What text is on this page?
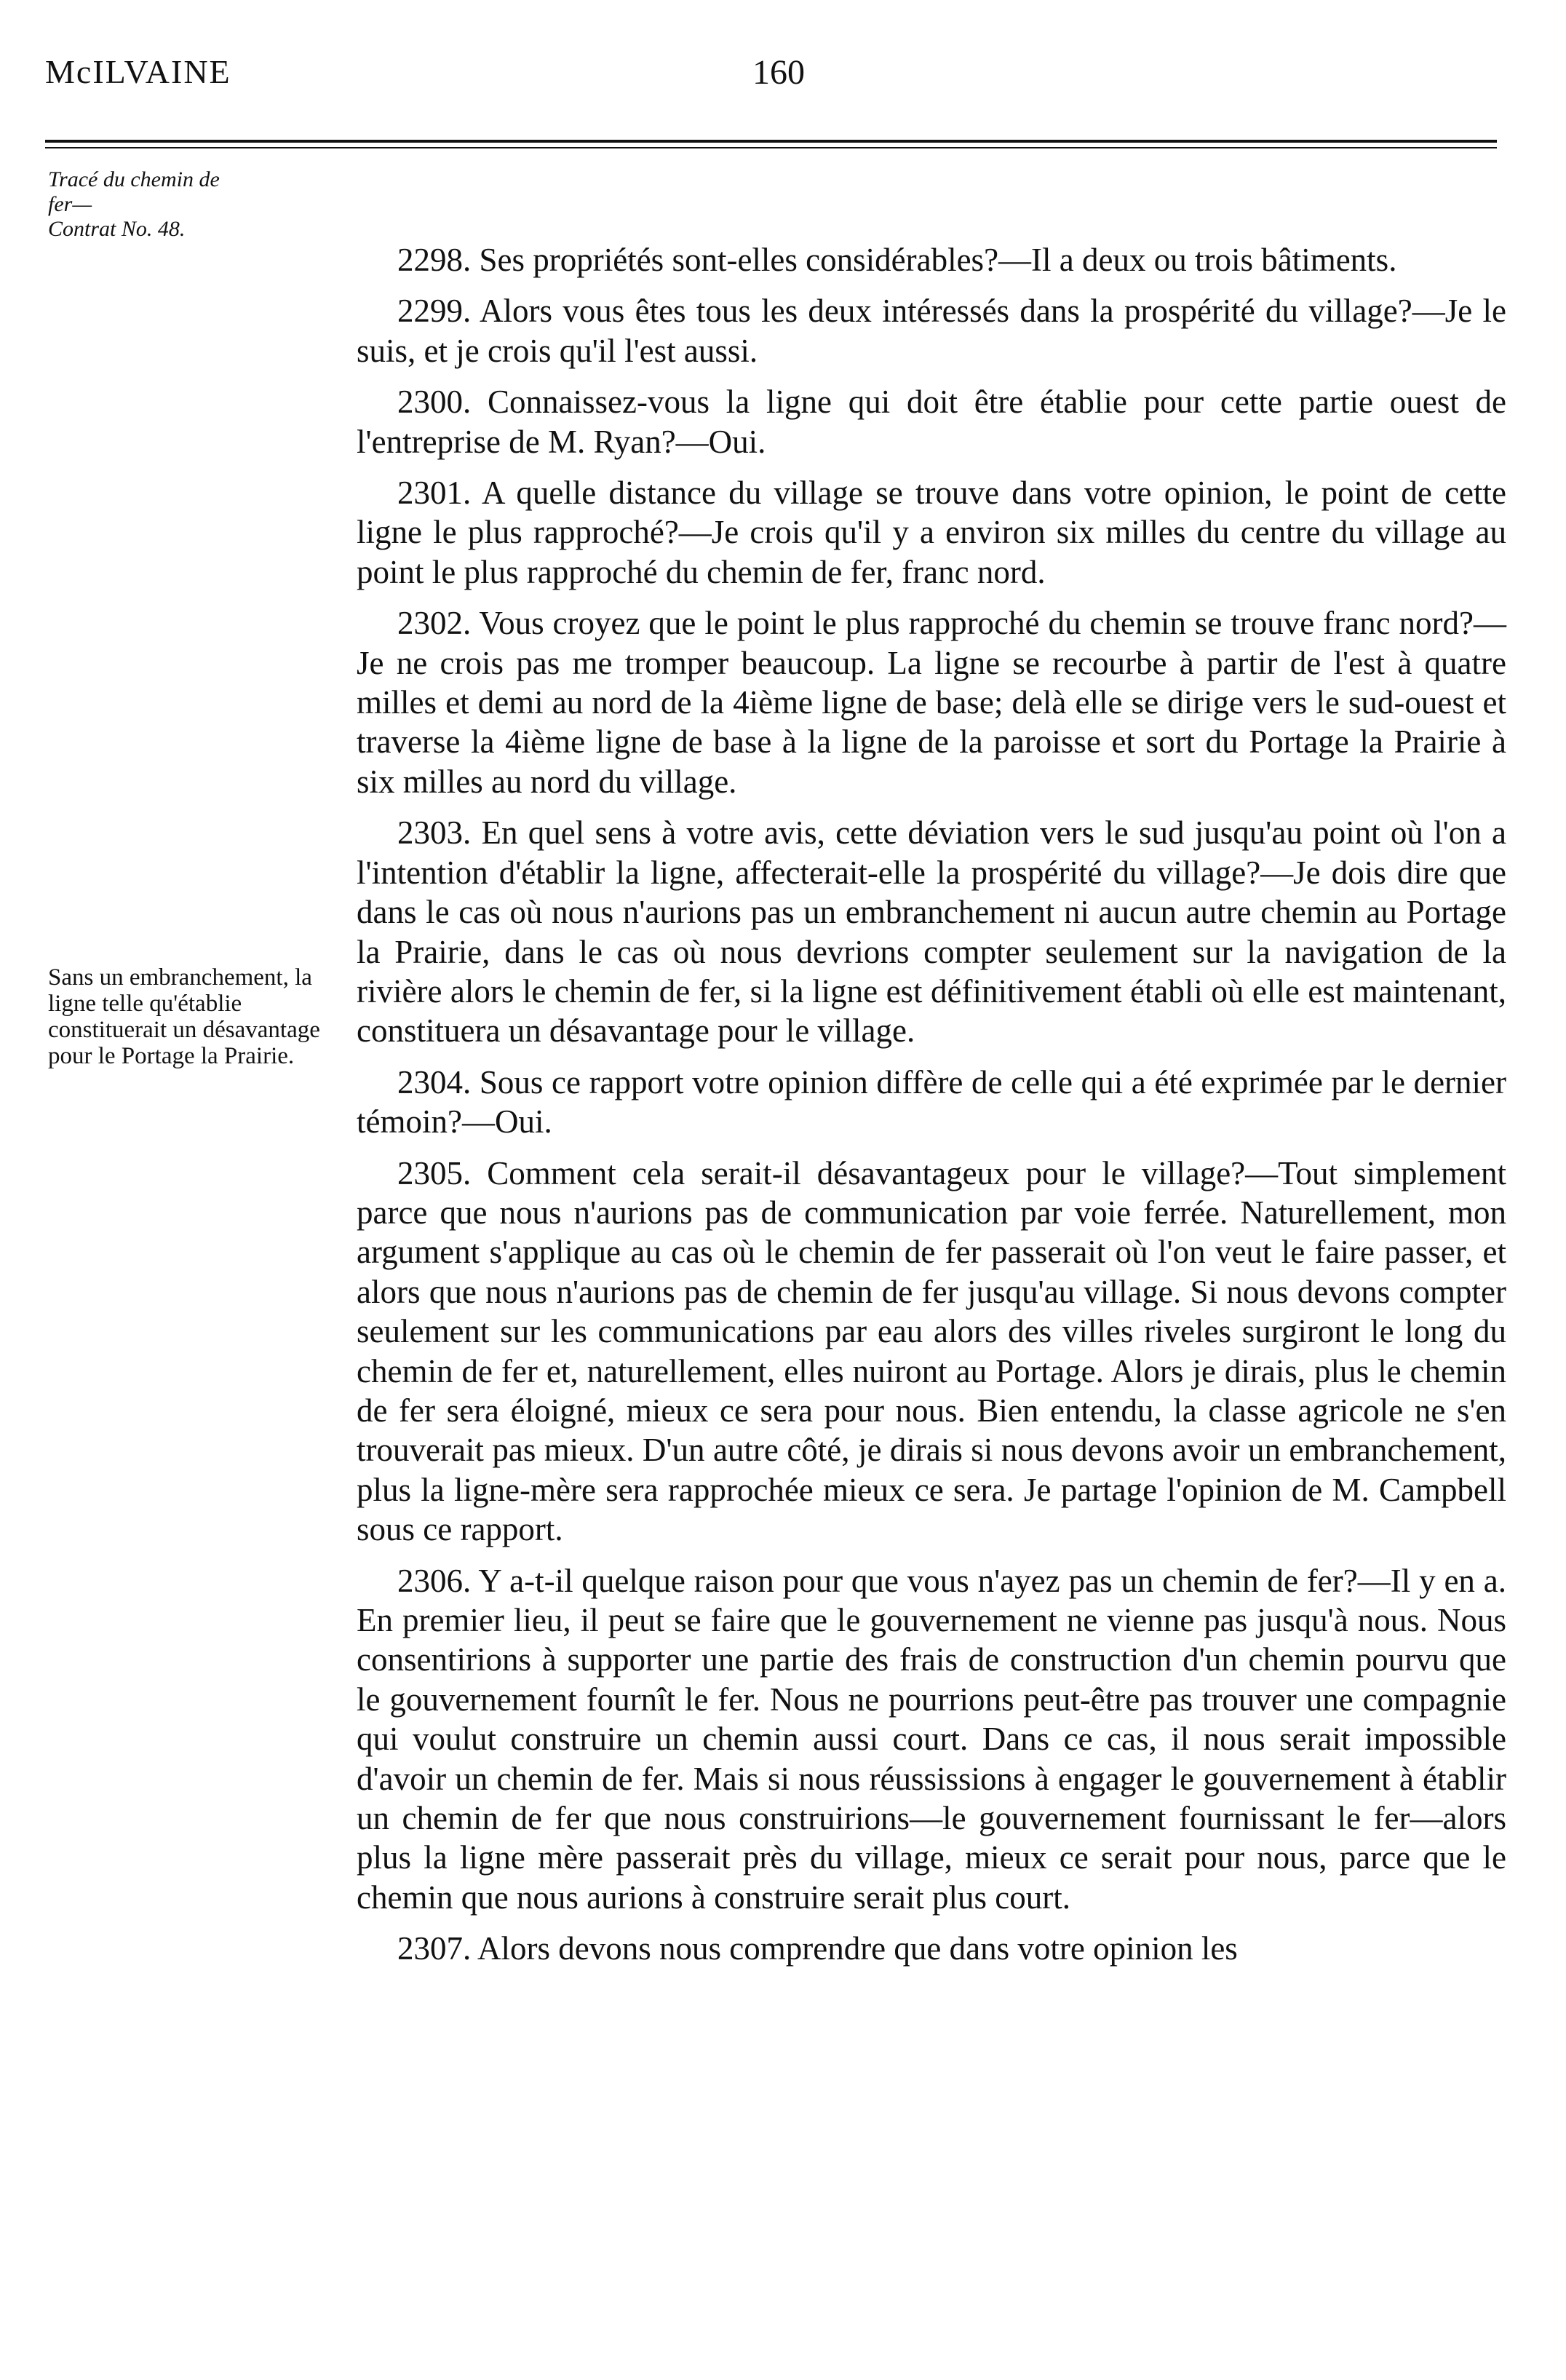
McILVAINE	160
Tracé du chemin de
fer—
Contrat No. 48.
Sans un embranchement, la ligne telle qu'établie constituerait un désavantage pour le Portage la Prairie.

2298. Ses propriétés sont-elles considérables?—Il a deux ou trois bâtiments.

2299. Alors vous êtes tous les deux intéressés dans la prospérité du village?—Je le suis, et je crois qu'il l'est aussi.

2300. Connaissez-vous la ligne qui doit être établie pour cette partie ouest de l'entreprise de M. Ryan?—Oui.

2301. A quelle distance du village se trouve dans votre opinion, le point de cette ligne le plus rapproché?—Je crois qu'il y a environ six milles du centre du village au point le plus rapproché du chemin de fer, franc nord.

2302. Vous croyez que le point le plus rapproché du chemin se trouve franc nord?—Je ne crois pas me tromper beaucoup. La ligne se recourbe à partir de l'est à quatre milles et demi au nord de la 4ième ligne de base; delà elle se dirige vers le sud-ouest et traverse la 4ième ligne de base à la ligne de la paroisse et sort du Portage la Prairie à six milles au nord du village.

2303. En quel sens à votre avis, cette déviation vers le sud jusqu'au point où l'on a l'intention d'établir la ligne, affecterait-elle la prospérité du village?—Je dois dire que dans le cas où nous n'aurions pas un embranchement ni aucun autre chemin au Portage la Prairie, dans le cas où nous devrions compter seulement sur la navigation de la rivière alors le chemin de fer, si la ligne est définitivement établi où elle est maintenant, constituera un désavantage pour le village.

2304. Sous ce rapport votre opinion diffère de celle qui a été exprimée par le dernier témoin?—Oui.

2305. Comment cela serait-il désavantageux pour le village?—Tout simplement parce que nous n'aurions pas de communication par voie ferrée. Naturellement, mon argument s'applique au cas où le chemin de fer passerait où l'on veut le faire passer, et alors que nous n'aurions pas de chemin de fer jusqu'au village. Si nous devons compter seulement sur les communications par eau alors des villes riveles surgiront le long du chemin de fer et, naturellement, elles nuiront au Portage. Alors je dirais, plus le chemin de fer sera éloigné, mieux ce sera pour nous. Bien entendu, la classe agricole ne s'en trouverait pas mieux. D'un autre côté, je dirais si nous devons avoir un embranchement, plus la ligne-mère sera rapprochée mieux ce sera. Je partage l'opinion de M. Campbell sous ce rapport.

2306. Y a-t-il quelque raison pour que vous n'ayez pas un chemin de fer?—Il y en a. En premier lieu, il peut se faire que le gouvernement ne vienne pas jusqu'à nous. Nous consentirions à supporter une partie des frais de construction d'un chemin pourvu que le gouvernement fournît le fer. Nous ne pourrions peut-être pas trouver une compagnie qui voulut construire un chemin aussi court. Dans ce cas, il nous serait impossible d'avoir un chemin de fer. Mais si nous réussissions à engager le gouvernement à établir un chemin de fer que nous construirions—le gouvernement fournissant le fer—alors plus la ligne mère passerait près du village, mieux ce serait pour nous, parce que le chemin que nous aurions à construire serait plus court.

2307. Alors devons nous comprendre que dans votre opinion les
